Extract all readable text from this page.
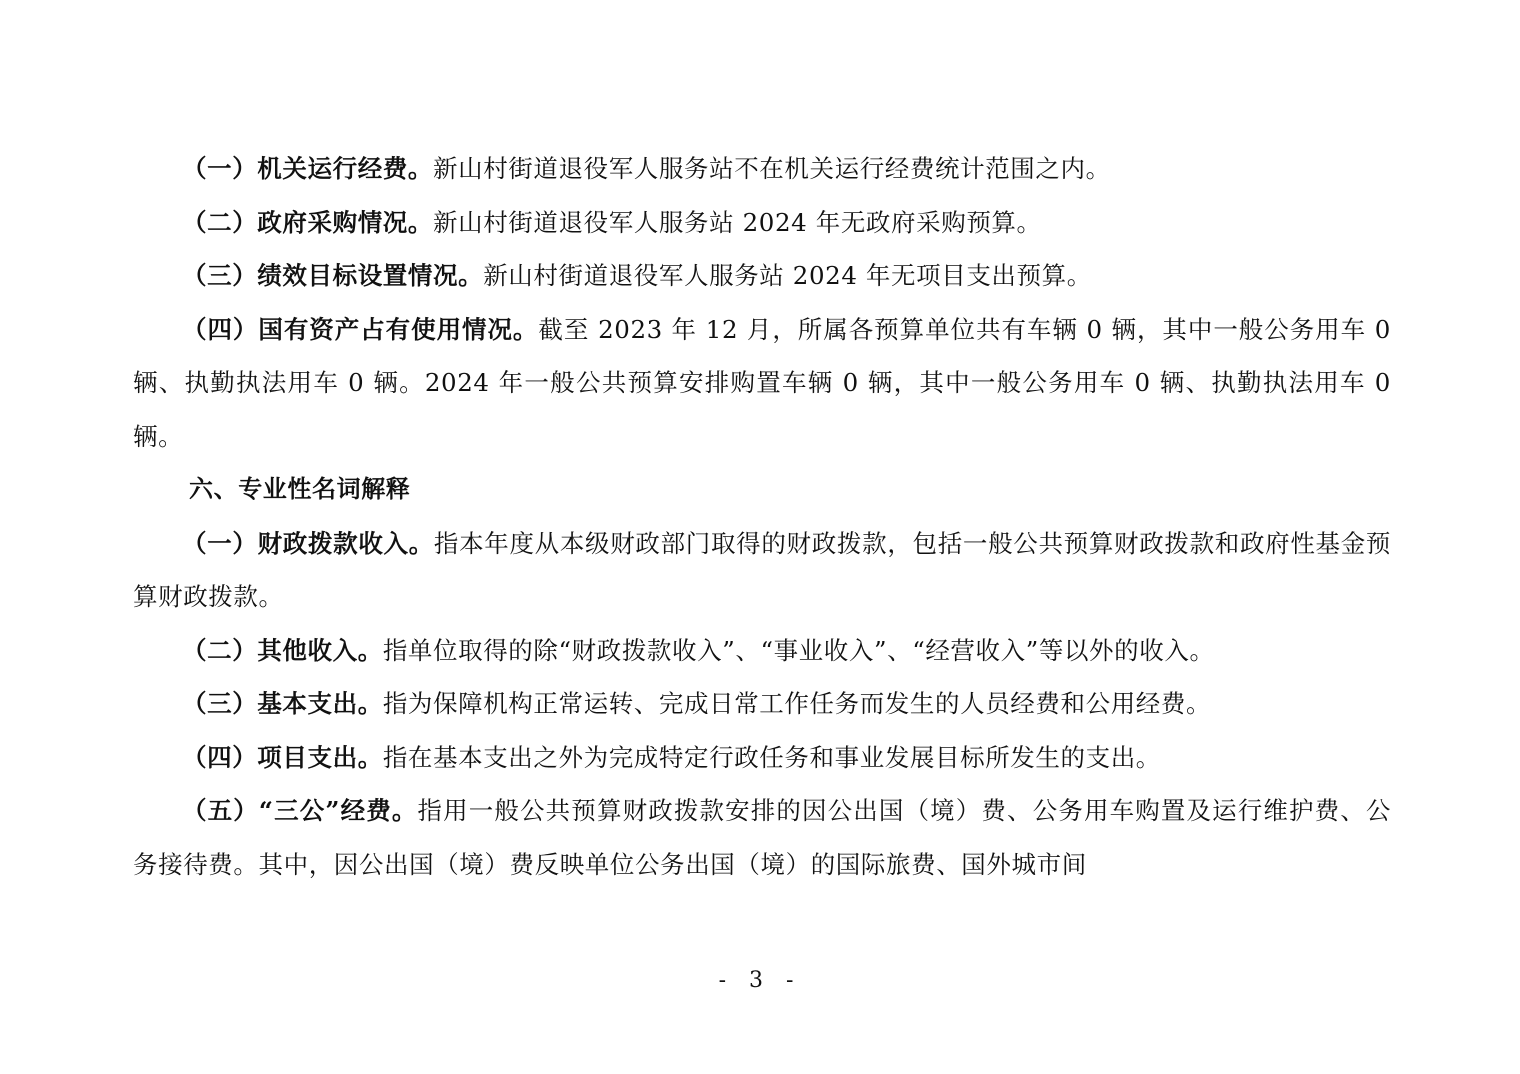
（一）机关运行经费。新山村街道退役军人服务站不在机关运行经费统计范围之内。

（二）政府采购情况。新山村街道退役军人服务站 2024 年无政府采购预算。

（三）绩效目标设置情况。新山村街道退役军人服务站 2024 年无项目支出预算。

（四）国有资产占有使用情况。截至 2023 年 12 月，所属各预算单位共有车辆 0 辆，其中一般公务用车 0 辆、执勤执法用车 0 辆。2024 年一般公共预算安排购置车辆 0 辆，其中一般公务用车 0 辆、执勤执法用车 0 辆。

六、专业性名词解释

（一）财政拨款收入。指本年度从本级财政部门取得的财政拨款，包括一般公共预算财政拨款和政府性基金预算财政拨款。

（二）其他收入。指单位取得的除“财政拨款收入”、“事业收入”、“经营收入”等以外的收入。

（三）基本支出。指为保障机构正常运转、完成日常工作任务而发生的人员经费和公用经费。

（四）项目支出。指在基本支出之外为完成特定行政任务和事业发展目标所发生的支出。

（五）“三公”经费。指用一般公共预算财政拨款安排的因公出国（境）费、公务用车购置及运行维护费、公务接待费。其中，因公出国（境）费反映单位公务出国（境）的国际旅费、国外城市间

- 3 -
